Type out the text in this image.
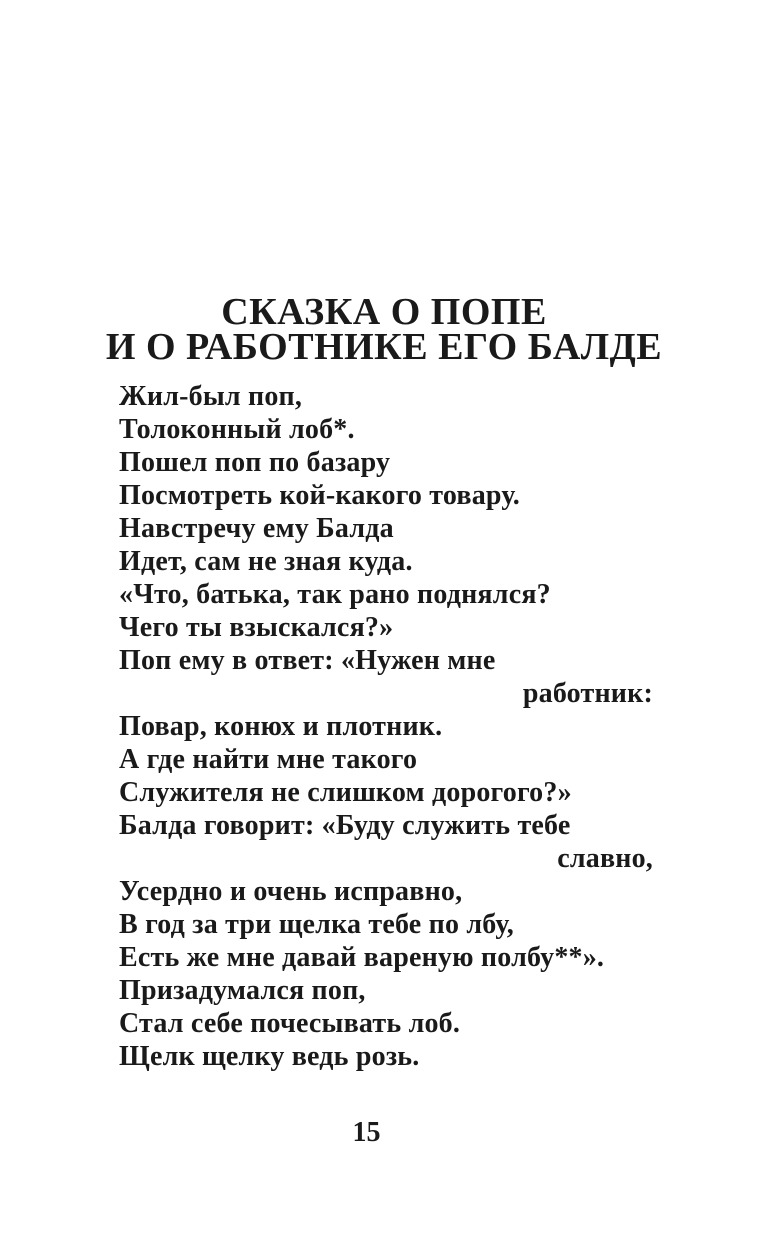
СКАЗКА О ПОПЕ
И О РАБОТНИКЕ ЕГО БАЛДЕ
Жил-был поп,
Толоконный лоб*.
Пошел поп по базару
Посмотреть кой-какого товару.
Навстречу ему Балда
Идет, сам не зная куда.
«Что, батька, так рано поднялся?
Чего ты взыскался?»
Поп ему в ответ: «Нужен мне
работник:
Повар, конюх и плотник.
А где найти мне такого
Служителя не слишком дорогого?»
Балда говорит: «Буду служить тебе
славно,
Усердно и очень исправно,
В год за три щелка тебе по лбу,
Есть же мне давай вареную полбу**».
Призадумался поп,
Стал себе почесывать лоб.
Щелк щелку ведь розь.
15
